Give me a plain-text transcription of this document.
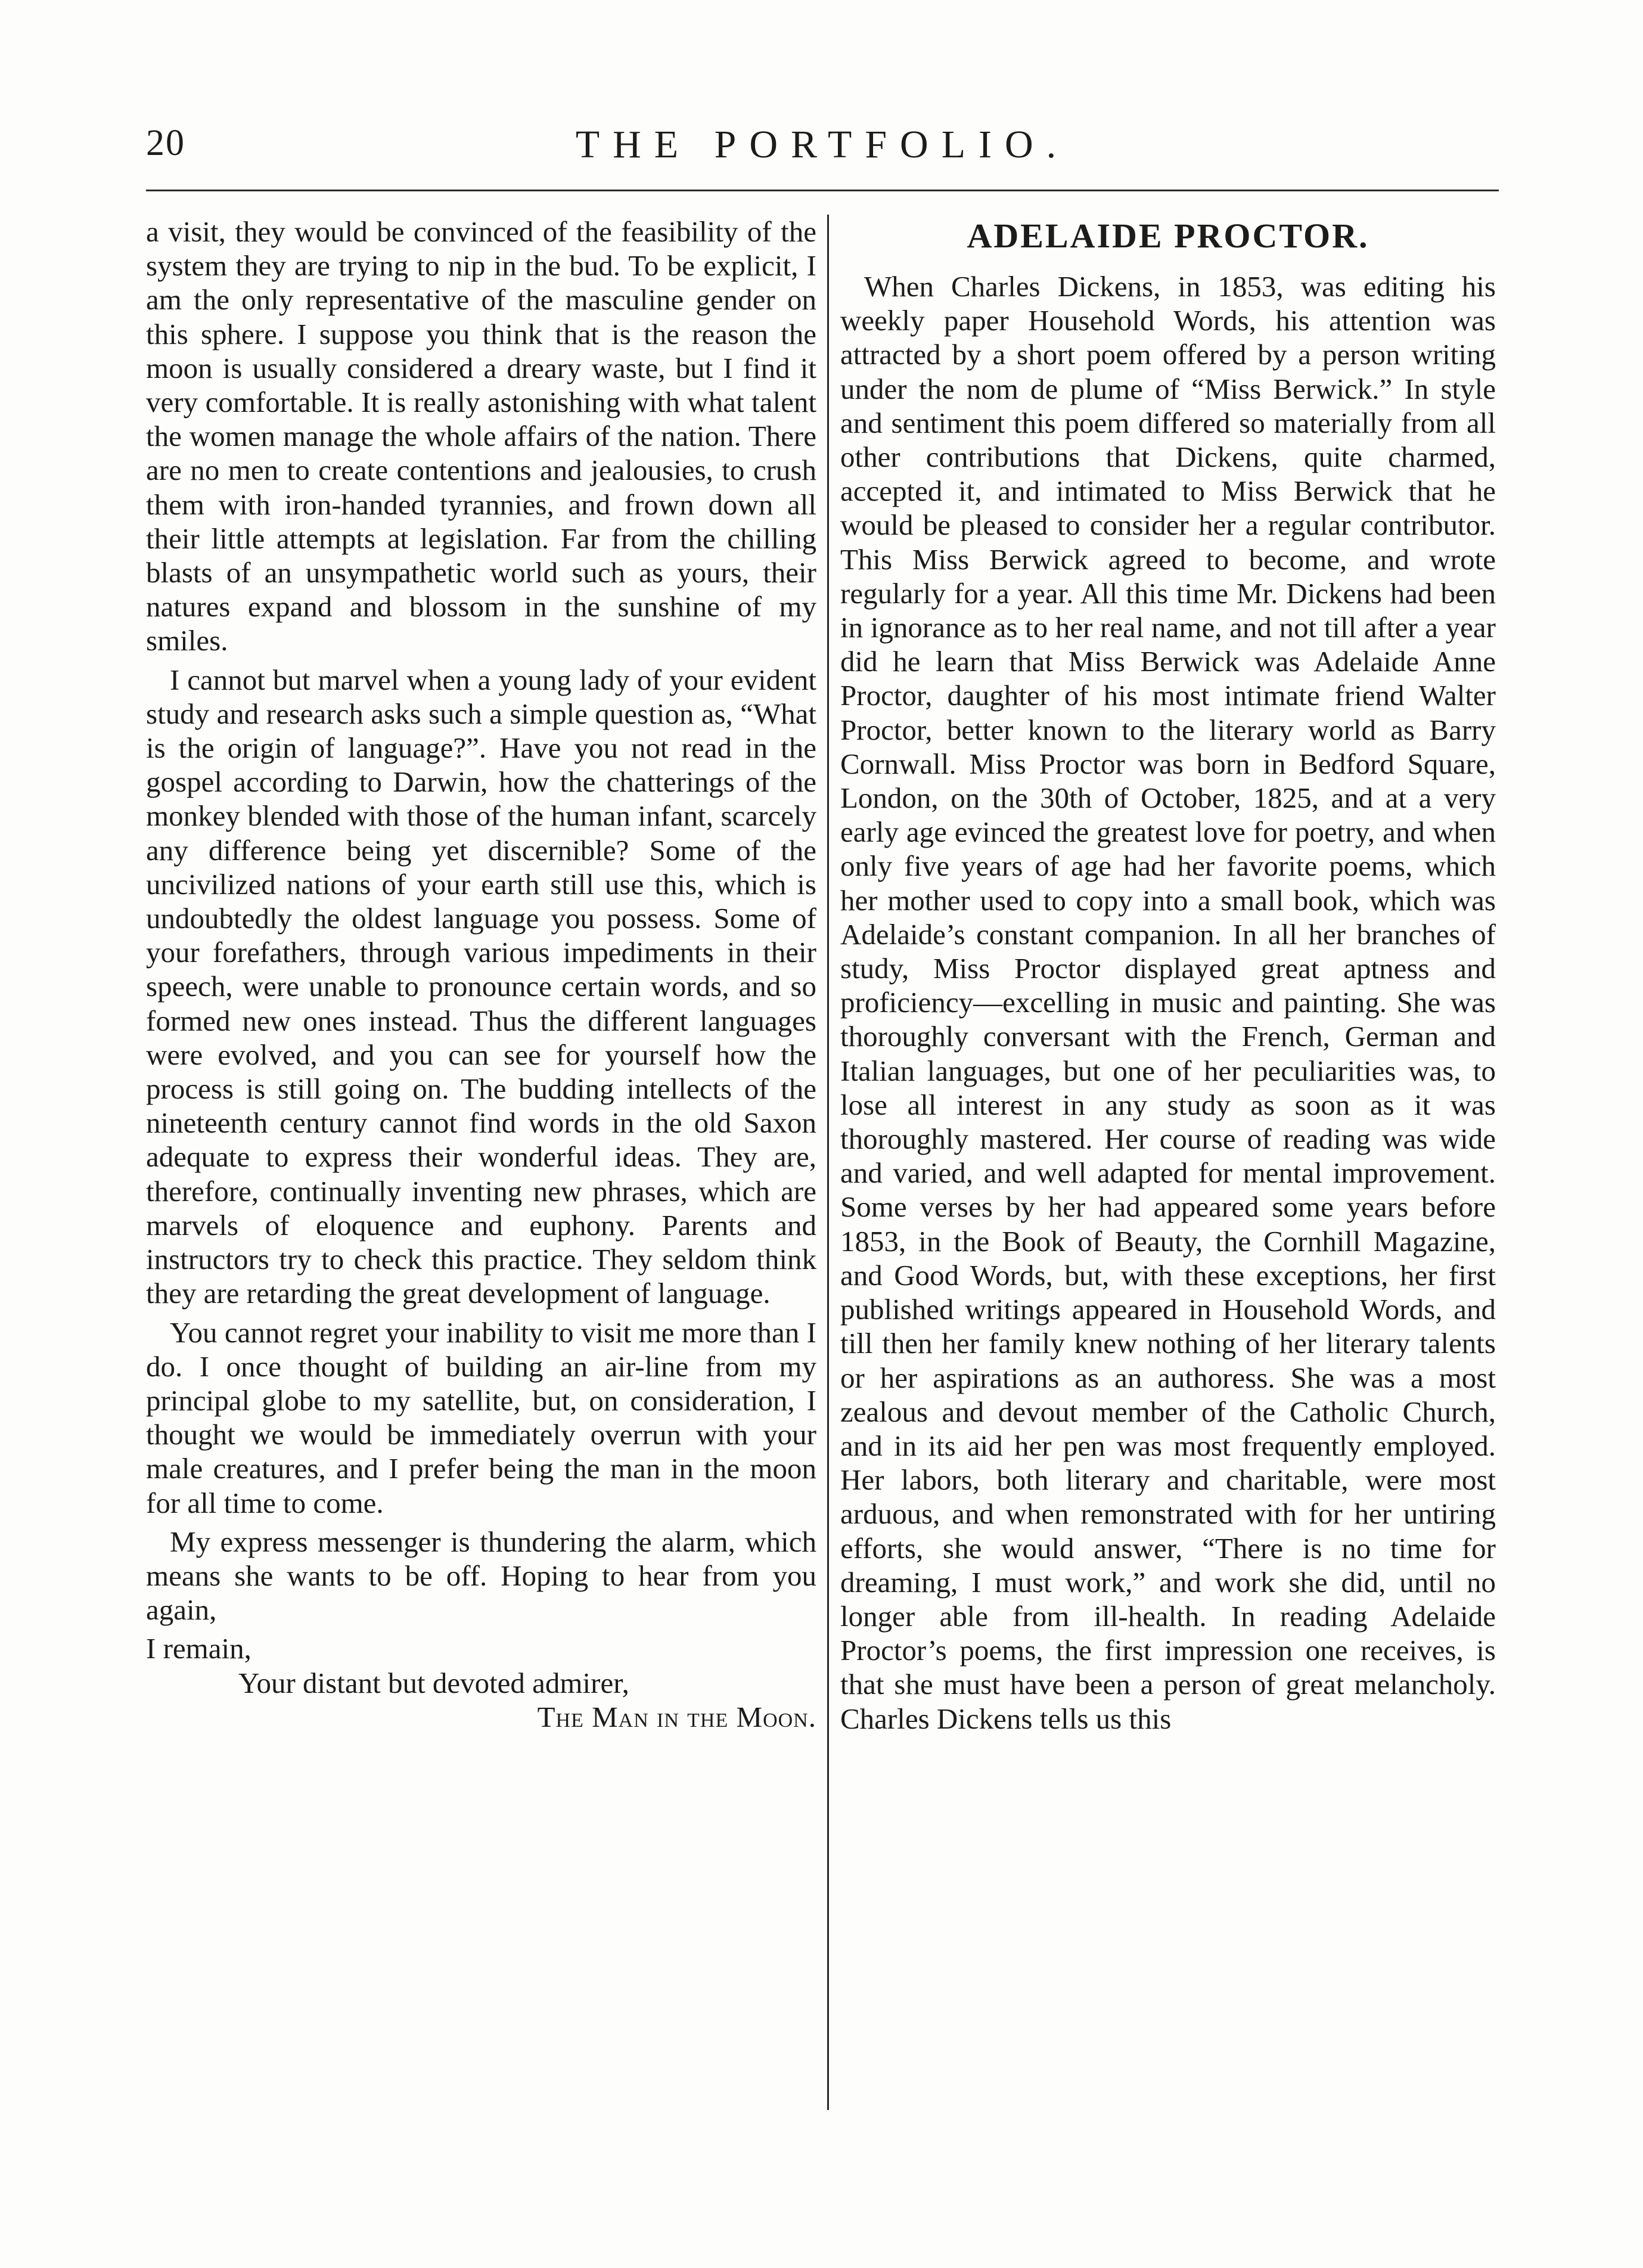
20	THE PORTFOLIO.

a visit, they would be convinced of the feasibility of the system they are trying to nip in the bud. To be explicit, I am the only representative of the masculine gender on this sphere. I suppose you think that is the reason the moon is usually considered a dreary waste, but I find it very comfortable. It is really astonishing with what talent the women manage the whole affairs of the nation. There are no men to create contentions and jealousies, to crush them with iron-handed tyrannies, and frown down all their little attempts at legislation. Far from the chilling blasts of an unsympathetic world such as yours, their natures expand and blossom in the sunshine of my smiles.

I cannot but marvel when a young lady of your evident study and research asks such a simple question as, “What is the origin of language?”. Have you not read in the gospel according to Darwin, how the chatterings of the monkey blended with those of the human infant, scarcely any difference being yet discernible? Some of the uncivilized nations of your earth still use this, which is undoubtedly the oldest language you possess. Some of your forefathers, through various impediments in their speech, were unable to pronounce certain words, and so formed new ones instead. Thus the different languages were evolved, and you can see for yourself how the process is still going on. The budding intellects of the nineteenth century cannot find words in the old Saxon adequate to express their wonderful ideas. They are, therefore, continually inventing new phrases, which are marvels of eloquence and euphony. Parents and instructors try to check this practice. They seldom think they are retarding the great development of language.

You cannot regret your inability to visit me more than I do. I once thought of building an air-line from my principal globe to my satellite, but, on consideration, I thought we would be immediately overrun with your male creatures, and I prefer being the man in the moon for all time to come.

My express messenger is thundering the alarm, which means she wants to be off. Hoping to hear from you again,

I remain,

Your distant but devoted admirer,

The Man in the Moon.

ADELAIDE PROCTOR.

When Charles Dickens, in 1853, was editing his weekly paper Household Words, his attention was attracted by a short poem offered by a person writing under the nom de plume of “Miss Berwick.” In style and sentiment this poem differed so materially from all other contributions that Dickens, quite charmed, accepted it, and intimated to Miss Berwick that he would be pleased to consider her a regular contributor. This Miss Berwick agreed to become, and wrote regularly for a year. All this time Mr. Dickens had been in ignorance as to her real name, and not till after a year did he learn that Miss Berwick was Adelaide Anne Proctor, daughter of his most intimate friend Walter Proctor, better known to the literary world as Barry Cornwall. Miss Proctor was born in Bedford Square, London, on the 30th of October, 1825, and at a very early age evinced the greatest love for poetry, and when only five years of age had her favorite poems, which her mother used to copy into a small book, which was Adelaide’s constant companion. In all her branches of study, Miss Proctor displayed great aptness and proficiency—excelling in music and painting. She was thoroughly conversant with the French, German and Italian languages, but one of her peculiarities was, to lose all interest in any study as soon as it was thoroughly mastered. Her course of reading was wide and varied, and well adapted for mental improvement. Some verses by her had appeared some years before 1853, in the Book of Beauty, the Cornhill Magazine, and Good Words, but, with these exceptions, her first published writings appeared in Household Words, and till then her family knew nothing of her literary talents or her aspirations as an authoress. She was a most zealous and devout member of the Catholic Church, and in its aid her pen was most frequently employed. Her labors, both literary and charitable, were most arduous, and when remonstrated with for her untiring efforts, she would answer, “There is no time for dreaming, I must work,” and work she did, until no longer able from ill-health. In reading Adelaide Proctor’s poems, the first impression one receives, is that she must have been a person of great melancholy. Charles Dickens tells us this
